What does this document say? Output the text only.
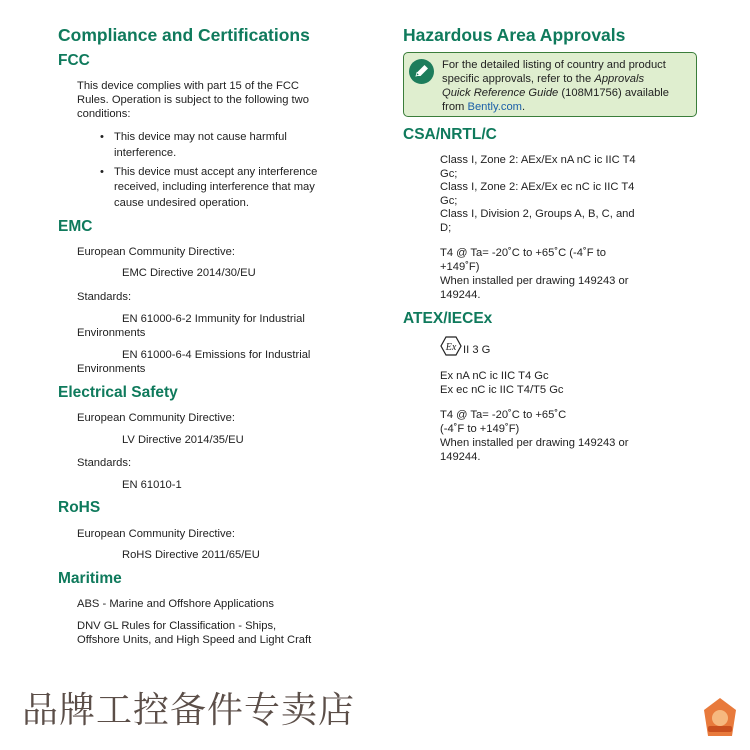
Compliance and Certifications
FCC
This device complies with part 15 of the FCC
Rules. Operation is subject to the following two
conditions:
• This device may not cause harmful
interference.
• This device must accept any interference
received, including interference that may
cause undesired operation.
EMC
European Community Directive:
EMC Directive 2014/30/EU
Standards:
EN 61000-6-2 Immunity for Industrial
Environments
EN 61000-6-4 Emissions for Industrial
Environments
Electrical Safety
European Community Directive:
LV Directive 2014/35/EU
Standards:
EN 61010-1
RoHS
European Community Directive:
RoHS Directive 2011/65/EU
Maritime
ABS - Marine and Offshore Applications
DNV GL Rules for Classification - Ships,
Offshore Units, and High Speed and Light Craft
Hazardous Area Approvals
For the detailed listing of country and product
specific approvals, refer to the Approvals
Quick Reference Guide (108M1756) available
from Bently.com.
CSA/NRTL/C
Class I, Zone 2: AEx/Ex nA nC ic IIC T4
Gc;
Class I, Zone 2: AEx/Ex ec nC ic IIC T4
Gc;
Class I, Division 2, Groups A, B, C, and
D;
T4 @ Ta= -20˚C to +65˚C (-4˚F to
+149˚F)
When installed per drawing 149243 or
149244.
ATEX/IECEx
Ex II 3 G
Ex nA nC ic IIC T4 Gc
Ex ec nC ic IIC T4/T5 Gc
T4 @ Ta= -20˚C to +65˚C
(-4˚F to +149˚F)
When installed per drawing 149243 or
149244.
品牌工控备件专卖店
